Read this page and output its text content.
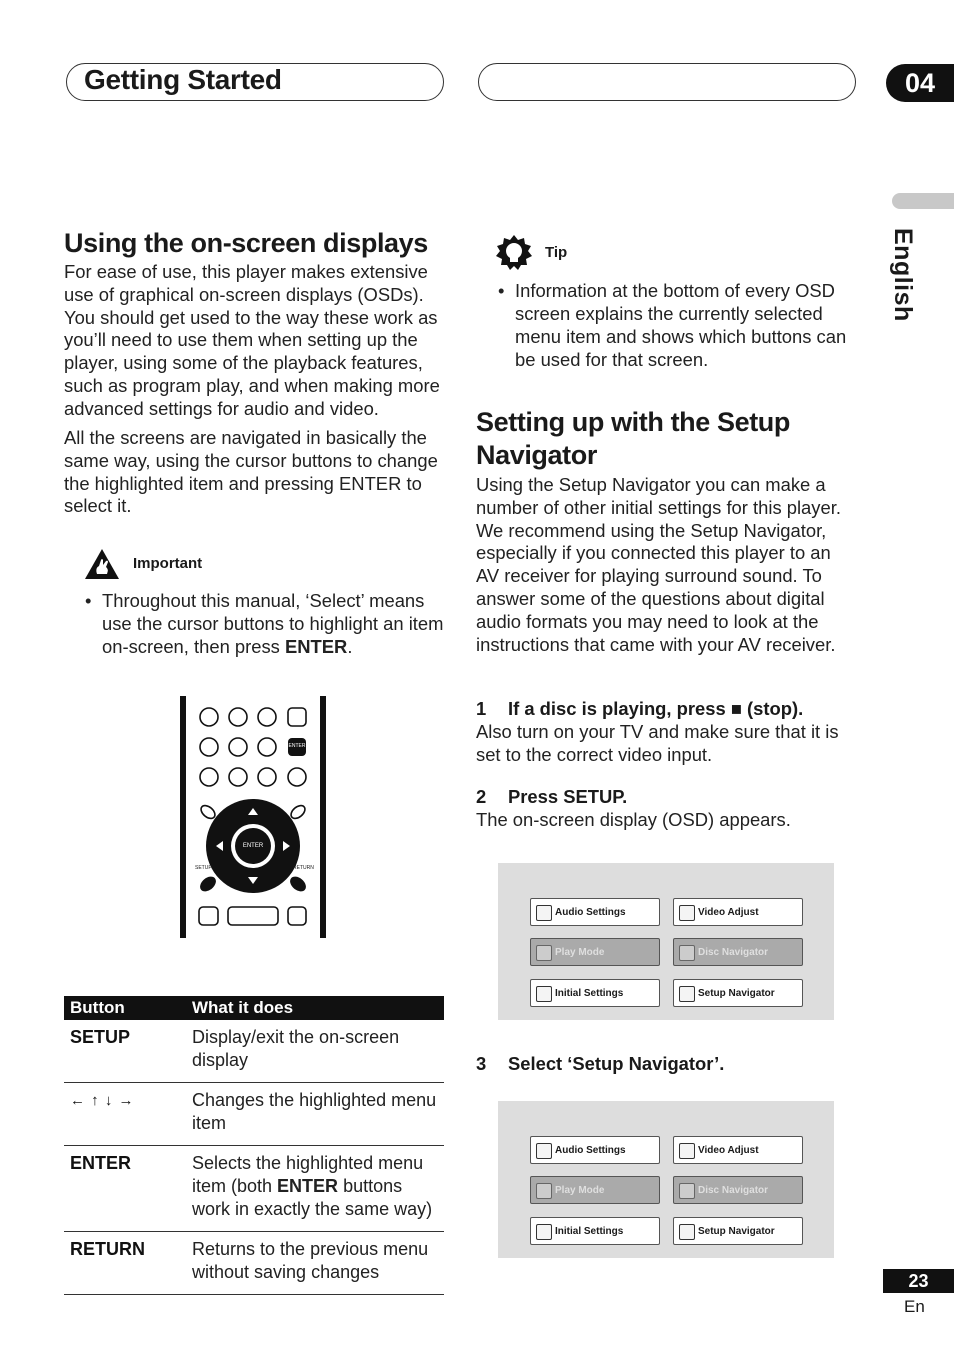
Getting Started	04
English
Using the on-screen displays

For ease of use, this player makes extensive use of graphical on-screen displays (OSDs). You should get used to the way these work as you’ll need to use them when setting up the player, using some of the playback features, such as program play, and when making more advanced settings for audio and video.

All the screens are navigated in basically the same way, using the cursor buttons to change the highlighted item and pressing ENTER to select it.

Important
• Throughout this manual, ‘Select’ means use the cursor buttons to highlight an item on-screen, then press ENTER.
ENTER
ENTER
SETUP	RETURN
Button	What it does
SETUP	Display/exit the on-screen display
← ↑ ↓ →	Changes the highlighted menu item
ENTER	Selects the highlighted menu item (both ENTER buttons work in exactly the same way)
RETURN	Returns to the previous menu without saving changes
Tip
• Information at the bottom of every OSD screen explains the currently selected menu item and shows which buttons can be used for that screen.
Setting up with the Setup Navigator

Using the Setup Navigator you can make a number of other initial settings for this player. We recommend using the Setup Navigator, especially if you connected this player to an AV receiver for playing surround sound. To answer some of the questions about digital audio formats you may need to look at the instructions that came with your AV receiver.

1 If a disc is playing, press ■ (stop).

Also turn on your TV and make sure that it is set to the correct video input.

2 Press SETUP.

The on-screen display (OSD) appears.

Audio Settings	Video Adjust
Play Mode	Disc Navigator
Initial Settings	Setup Navigator
3 Select ‘Setup Navigator’.
Audio Settings	Video Adjust
Play Mode	Disc Navigator
Initial Settings	Setup Navigator
23
En
